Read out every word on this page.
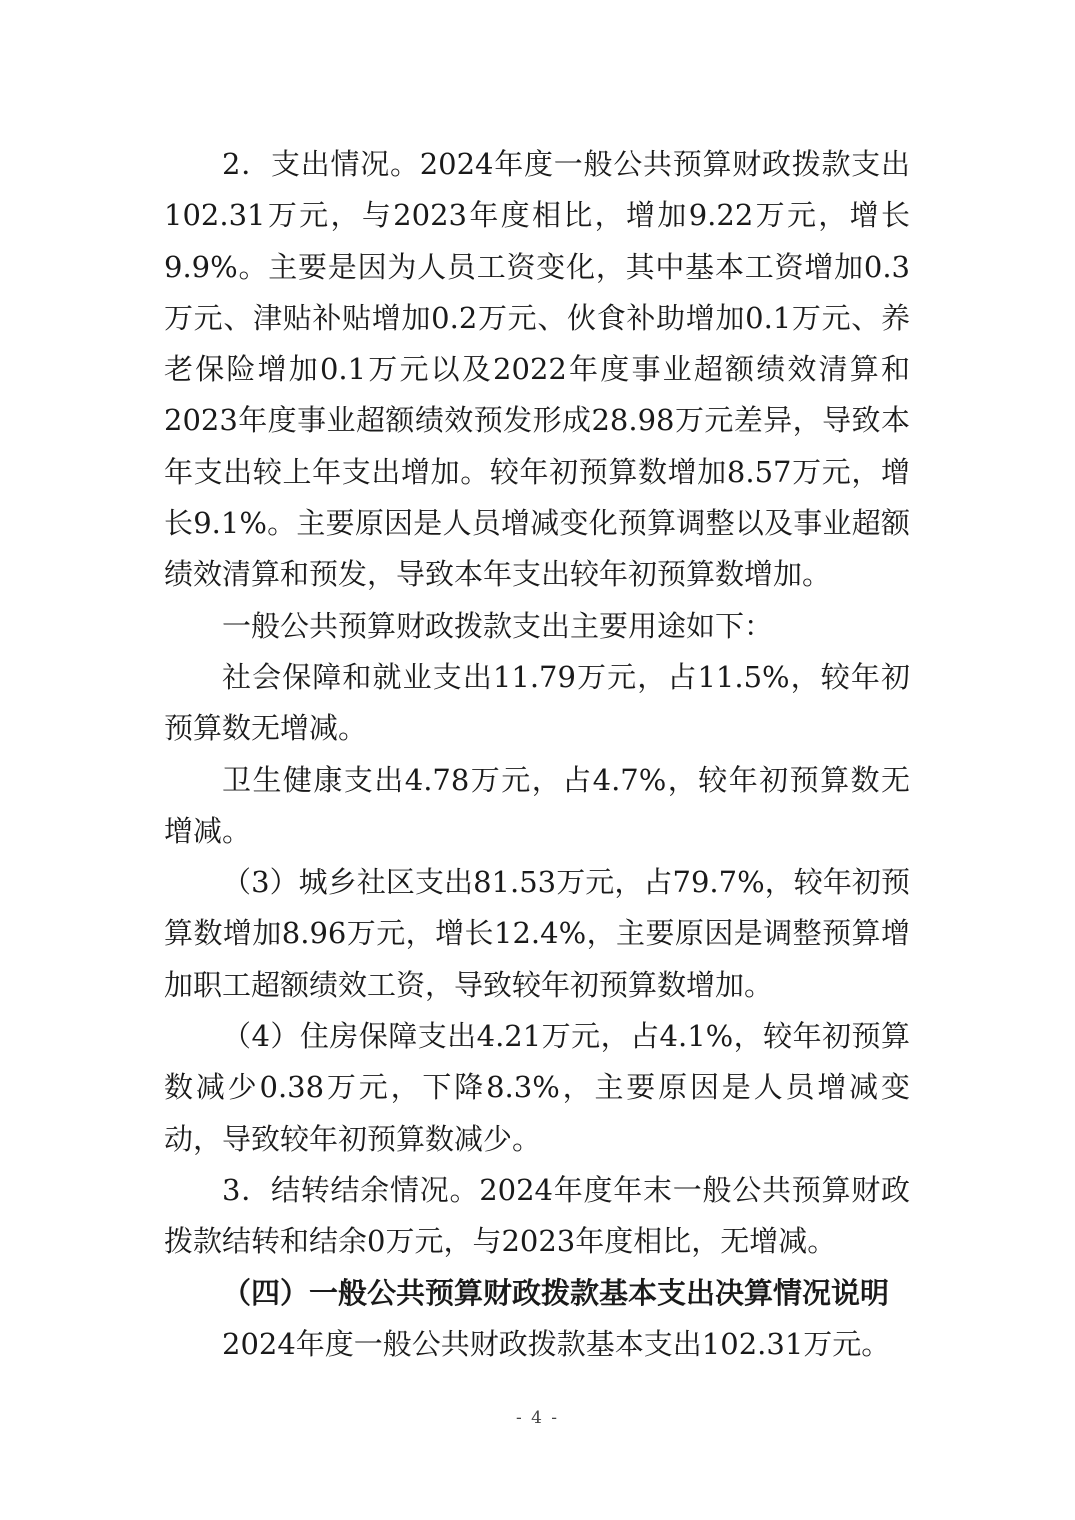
2．支出情况。2024年度一般公共预算财政拨款支出102.31万元，与2023年度相比，增加9.22万元，增长9.9%。主要是因为人员工资变化，其中基本工资增加0.3万元、津贴补贴增加0.2万元、伙食补助增加0.1万元、养老保险增加0.1万元以及2022年度事业超额绩效清算和2023年度事业超额绩效预发形成28.98万元差异，导致本年支出较上年支出增加。较年初预算数增加8.57万元，增长9.1%。主要原因是人员增减变化预算调整以及事业超额绩效清算和预发，导致本年支出较年初预算数增加。

一般公共预算财政拨款支出主要用途如下：

社会保障和就业支出11.79万元，占11.5%，较年初预算数无增减。

卫生健康支出4.78万元，占4.7%，较年初预算数无增减。

（3）城乡社区支出81.53万元，占79.7%，较年初预算数增加8.96万元，增长12.4%，主要原因是调整预算增加职工超额绩效工资，导致较年初预算数增加。

（4）住房保障支出4.21万元，占4.1%，较年初预算数减少0.38万元，下降8.3%，主要原因是人员增减变动，导致较年初预算数减少。

3．结转结余情况。2024年度年末一般公共预算财政拨款结转和结余0万元，与2023年度相比，无增减。

（四）一般公共预算财政拨款基本支出决算情况说明

2024年度一般公共财政拨款基本支出102.31万元。

- 4 -
